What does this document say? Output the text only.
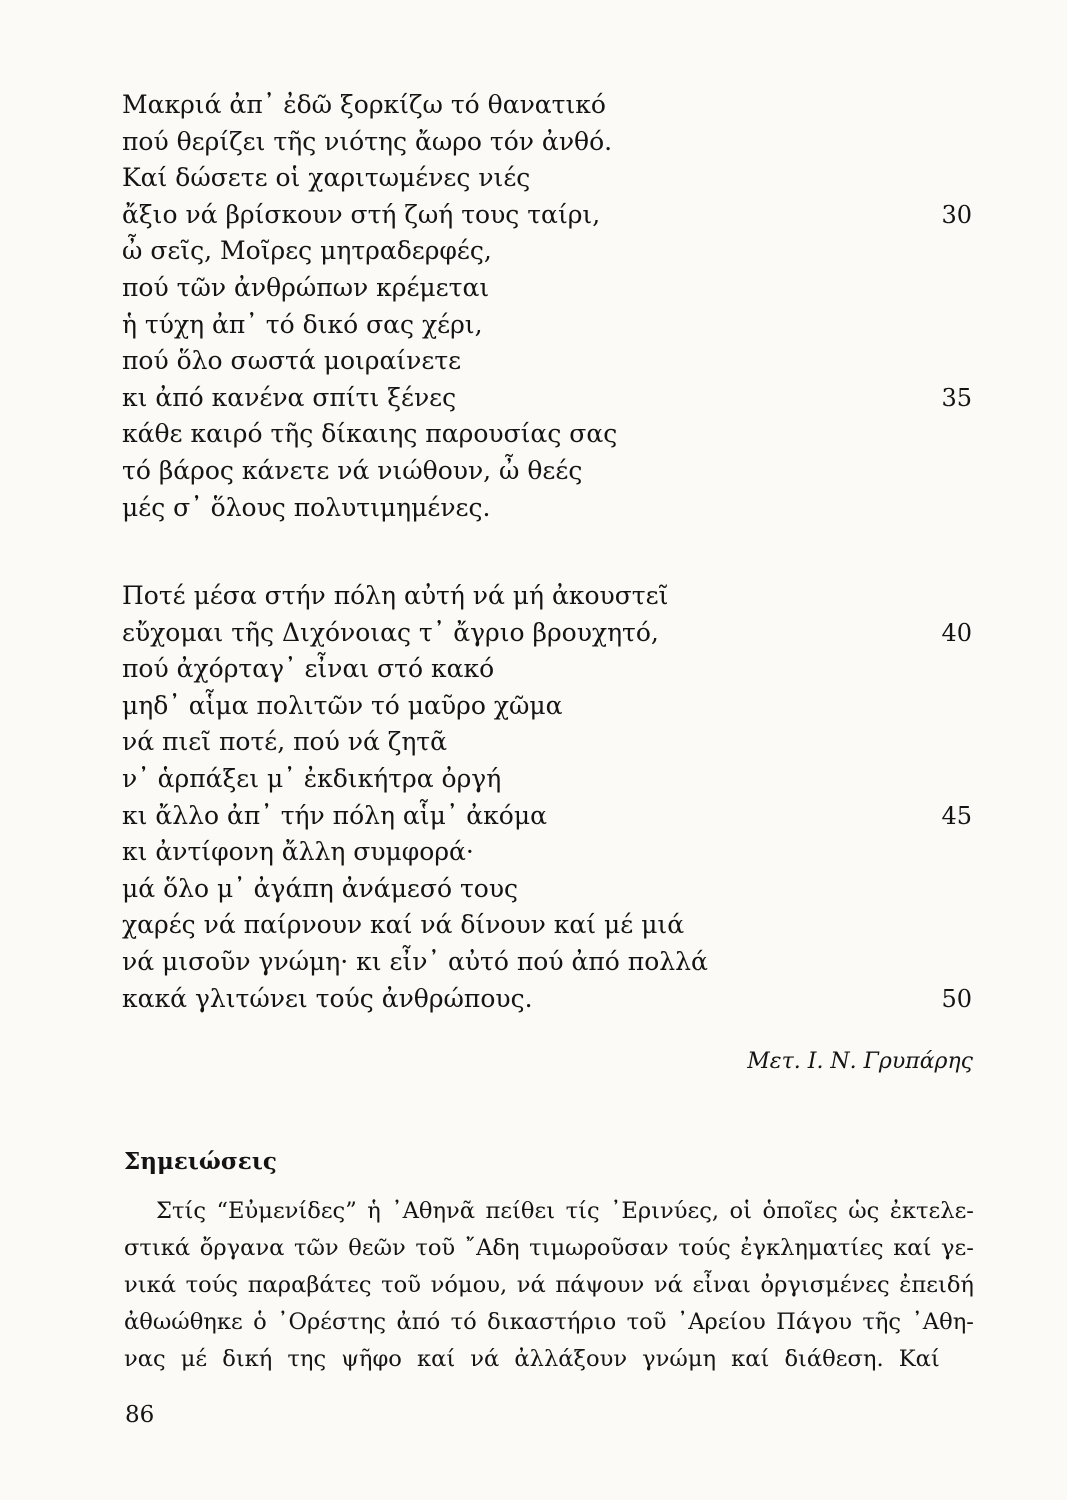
Μακριά ἀπ᾿ ἐδῶ ξορκίζω τό θανατικό
πού θερίζει τῆς νιότης ἄωρο τόν ἀνθό.
Καί δώσετε οἱ χαριτωμένες νιές
ἄξιο νά βρίσκουν στή ζωή τους ταίρι,	30
ὦ σεῖς, Μοῖρες μητραδερφές,
πού τῶν ἀνθρώπων κρέμεται
ἡ τύχη ἀπ᾿ τό δικό σας χέρι,
πού ὅλο σωστά μοιραίνετε
κι ἀπό κανένα σπίτι ξένες	35
κάθε καιρό τῆς δίκαιης παρουσίας σας
τό βάρος κάνετε νά νιώθουν, ὦ θεές
μές σ᾿ ὅλους πολυτιμημένες.
Ποτέ μέσα στήν πόλη αὐτή νά μή ἀκουστεῖ
εὔχομαι τῆς Διχόνοιας τ᾿ ἄγριο βρουχητό,	40
πού ἀχόρταγ᾿ εἶναι στό κακό
μηδ᾿ αἷμα πολιτῶν τό μαῦρο χῶμα
νά πιεῖ ποτέ, πού νά ζητᾶ
ν᾿ ἁρπάξει μ᾿ ἐκδικήτρα ὀργή
κι ἄλλο ἀπ᾿ τήν πόλη αἷμ᾿ ἀκόμα	45
κι ἀντίφονη ἄλλη συμφορά·
μά ὅλο μ᾿ ἀγάπη ἀνάμεσό τους
χαρές νά παίρνουν καί νά δίνουν καί μέ μιά
νά μισοῦν γνώμη· κι εἶν᾿ αὐτό πού ἀπό πολλά
κακά γλιτώνει τούς ἀνθρώπους.	50
Μετ. Ι. Ν. Γρυπάρης
Σημειώσεις
Στίς “Εὐμενίδες” ἡ ᾿Αθηνᾶ πείθει τίς ᾿Ερινύες, οἱ ὁποῖες ὡς ἐκτελε-
στικά ὄργανα τῶν θεῶν τοῦ ῎Αδη τιμωροῦσαν τούς ἐγκληματίες καί γε-
νικά τούς παραβάτες τοῦ νόμου, νά πάψουν νά εἶναι ὀργισμένες ἐπειδή
ἀθωώθηκε ὁ ᾿Ορέστης ἀπό τό δικαστήριο τοῦ ᾿Αρείου Πάγου τῆς ᾿Αθη-
νας μέ δική της ψῆφο καί νά ἀλλάξουν γνώμη καί διάθεση. Καί
86
